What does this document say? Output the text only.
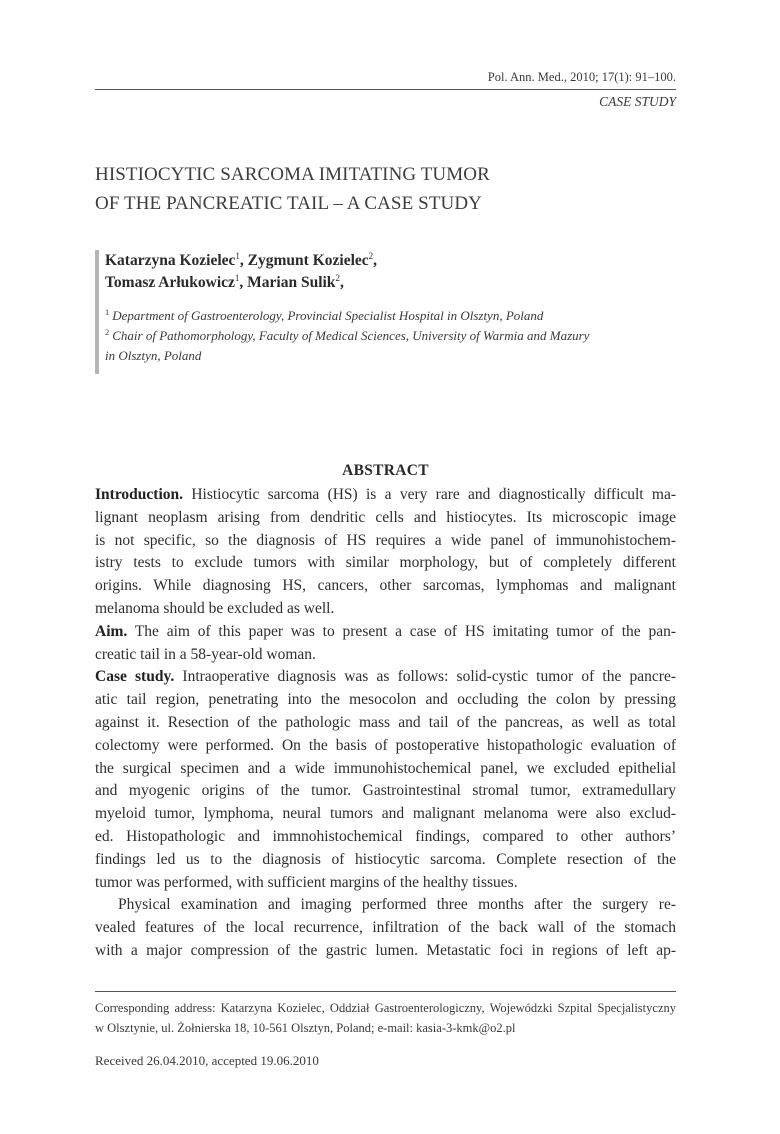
Pol. Ann. Med., 2010; 17(1): 91–100.
CASE STUDY
HISTIOCYTIC SARCOMA IMITATING TUMOR
OF THE PANCREATIC TAIL – A CASE STUDY
Katarzyna Kozielec$^1$, Zygmunt Kozielec$^2$,
Tomasz Arłukowicz$^1$, Marian Sulik$^2$,
$^1$ Department of Gastroenterology, Provincial Specialist Hospital in Olsztyn, Poland
$^2$ Chair of Pathomorphology, Faculty of Medical Sciences, University of Warmia and Mazury
in Olsztyn, Poland
ABSTRACT
Introduction. Histiocytic sarcoma (HS) is a very rare and diagnostically difficult ma-
lignant neoplasm arising from dendritic cells and histiocytes. Its microscopic image
is not specific, so the diagnosis of HS requires a wide panel of immunohistochem-
istry tests to exclude tumors with similar morphology, but of completely different
origins. While diagnosing HS, cancers, other sarcomas, lymphomas and malignant
melanoma should be excluded as well.
Aim. The aim of this paper was to present a case of HS imitating tumor of the pan-
creatic tail in a 58-year-old woman.
Case study. Intraoperative diagnosis was as follows: solid-cystic tumor of the pancre-
atic tail region, penetrating into the mesocolon and occluding the colon by pressing
against it. Resection of the pathologic mass and tail of the pancreas, as well as total
colectomy were performed. On the basis of postoperative histopathologic evaluation of
the surgical specimen and a wide immunohistochemical panel, we excluded epithelial
and myogenic origins of the tumor. Gastrointestinal stromal tumor, extramedullary
myeloid tumor, lymphoma, neural tumors and malignant melanoma were also exclud-
ed. Histopathologic and immnohistochemical findings, compared to other authors’
findings led us to the diagnosis of histiocytic sarcoma. Complete resection of the
tumor was performed, with sufficient margins of the healthy tissues.
Physical examination and imaging performed three months after the surgery re-
vealed features of the local recurrence, infiltration of the back wall of the stomach
with a major compression of the gastric lumen. Metastatic foci in regions of left ap-
Corresponding address: Katarzyna Kozielec, Oddział Gastroenterologiczny, Wojewódzki Szpital Specjalistyczny
w Olsztynie, ul. Żołnierska 18, 10-561 Olsztyn, Poland; e-mail: kasia-3-kmk@o2.pl
Received 26.04.2010, accepted 19.06.2010
